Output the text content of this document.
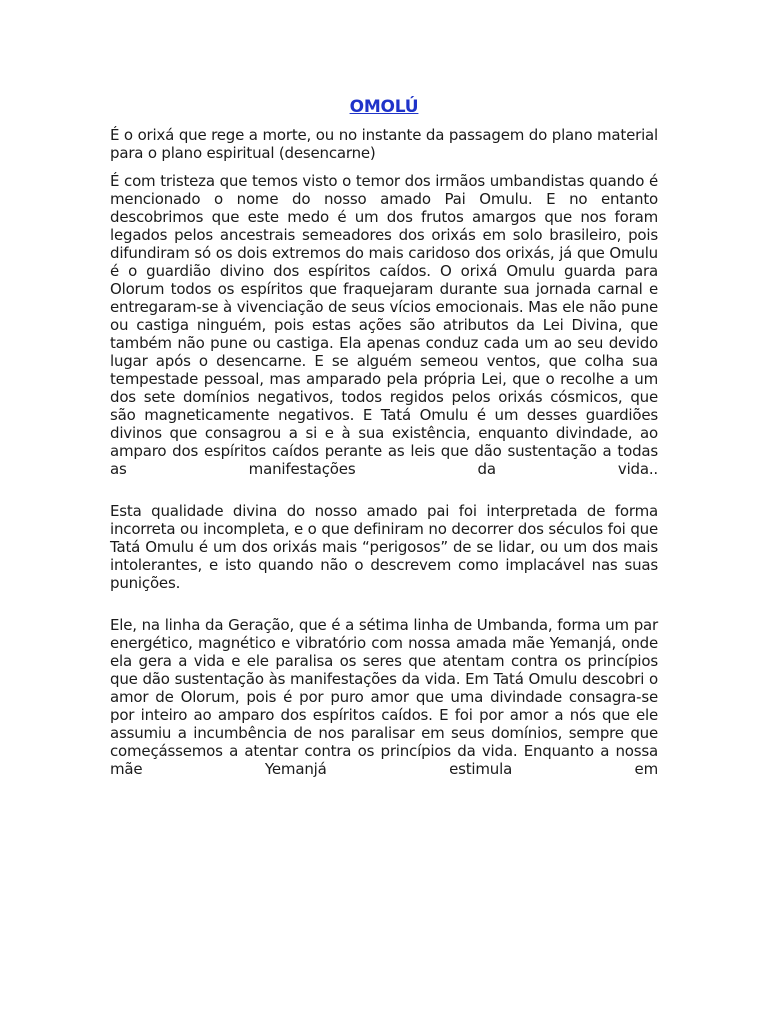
OMOLÚ

É o orixá que rege a morte, ou no instante da passagem do plano material para o plano espiritual (desencarne)

É com tristeza que temos visto o temor dos irmãos umbandistas quando é mencionado o nome do nosso amado Pai Omulu. E no entanto descobrimos que este medo é um dos frutos amargos que nos foram legados pelos ancestrais semeadores dos orixás em solo brasileiro, pois difundiram só os dois extremos do mais caridoso dos orixás, já que Omulu é o guardião divino dos espíritos caídos. O orixá Omulu guarda para Olorum todos os espíritos que fraquejaram durante sua jornada carnal e entregaram-se à vivenciação de seus vícios emocionais. Mas ele não pune ou castiga ninguém, pois estas ações são atributos da Lei Divina, que também não pune ou castiga. Ela apenas conduz cada um ao seu devido lugar após o desencarne. E se alguém semeou ventos, que colha sua tempestade pessoal, mas amparado pela própria Lei, que o recolhe a um dos sete domínios negativos, todos regidos pelos orixás cósmicos, que são magneticamente negativos. E Tatá Omulu é um desses guardiões divinos que consagrou a si e à sua existência, enquanto divindade, ao amparo dos espíritos caídos perante as leis que dão sustentação a todas as manifestações da vida..

Esta qualidade divina do nosso amado pai foi interpretada de forma incorreta ou incompleta, e o que definiram no decorrer dos séculos foi que Tatá Omulu é um dos orixás mais “perigosos” de se lidar, ou um dos mais intolerantes, e isto quando não o descrevem como implacável nas suas punições.

Ele, na linha da Geração, que é a sétima linha de Umbanda, forma um par energético, magnético e vibratório com nossa amada mãe Yemanjá, onde ela gera a vida e ele paralisa os seres que atentam contra os princípios que dão sustentação às manifestações da vida. Em Tatá Omulu descobri o amor de Olorum, pois é por puro amor que uma divindade consagra-se por inteiro ao amparo dos espíritos caídos. E foi por amor a nós que ele assumiu a incumbência de nos paralisar em seus domínios, sempre que começássemos a atentar contra os princípios da vida. Enquanto a nossa mãe Yemanjá estimula em
